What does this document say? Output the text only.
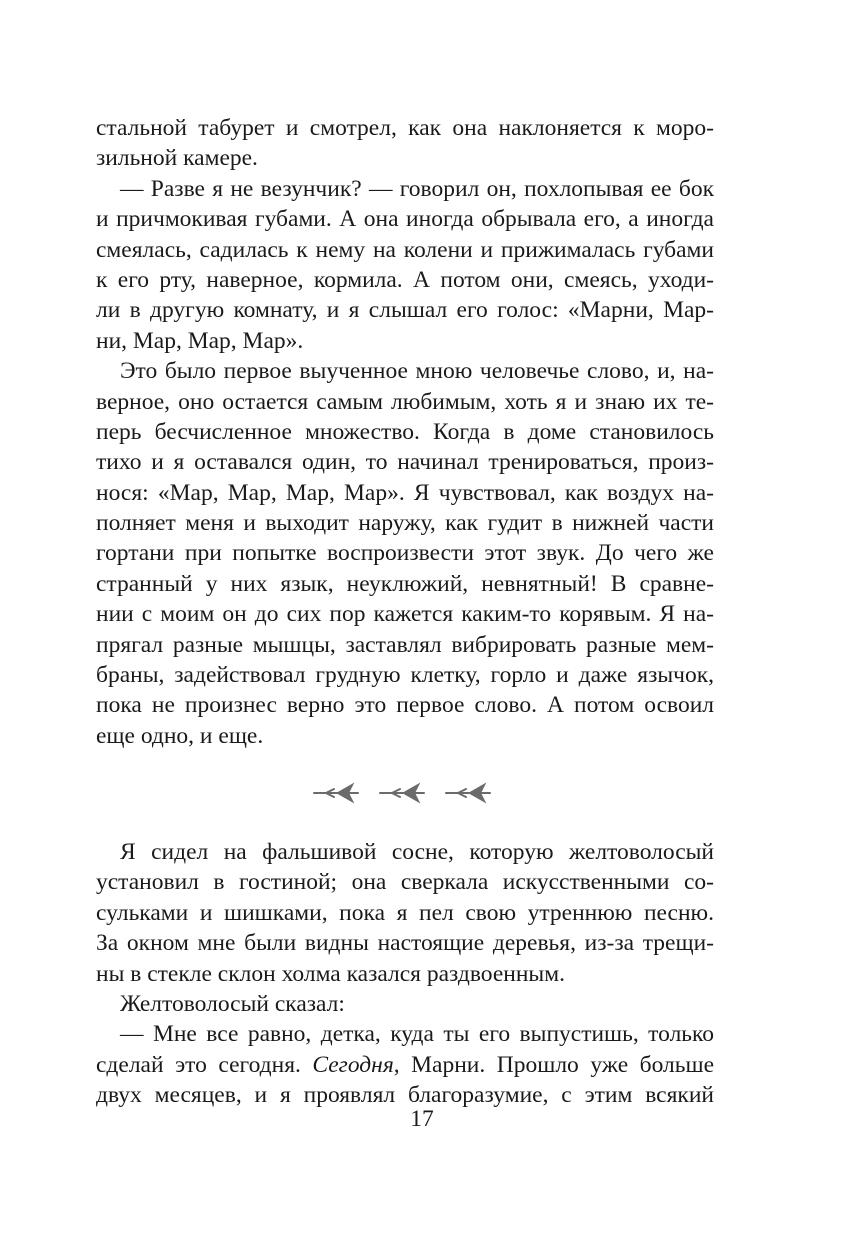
стальной табурет и смотрел, как она наклоняется к моро-
зильной камере.
— Разве я не везунчик? — говорил он, похлопывая ее бок
и причмокивая губами. А она иногда обрывала его, а иногда
смеялась, садилась к нему на колени и прижималась губами
к его рту, наверное, кормила. А потом они, смеясь, уходи-
ли в другую комнату, и я слышал его голос: «Марни, Мар-
ни, Мар, Мар, Мар».
Это было первое выученное мною человечье слово, и, на-
верное, оно остается самым любимым, хоть я и знаю их те-
перь бесчисленное множество. Когда в доме становилось
тихо и я оставался один, то начинал тренироваться, произ-
нося: «Мар, Мар, Мар, Мар». Я чувствовал, как воздух на-
полняет меня и выходит наружу, как гудит в нижней части
гортани при попытке воспроизвести этот звук. До чего же
странный у них язык, неуклюжий, невнятный! В сравне-
нии с моим он до сих пор кажется каким-то корявым. Я на-
прягал разные мышцы, заставлял вибрировать разные мем-
браны, задействовал грудную клетку, горло и даже язычок,
пока не произнес верно это первое слово. А потом освоил
еще одно, и еще.
Я сидел на фальшивой сосне, которую желтоволосый
установил в гостиной; она сверкала искусственными со-
сульками и шишками, пока я пел свою утреннюю песню.
За окном мне были видны настоящие деревья, из-за трещи-
ны в стекле склон холма казался раздвоенным.
Желтоволосый сказал:
— Мне все равно, детка, куда ты его выпустишь, только
сделай это сегодня. Сегодня, Марни. Прошло уже больше
двух месяцев, и я проявлял благоразумие, с этим всякий
17
